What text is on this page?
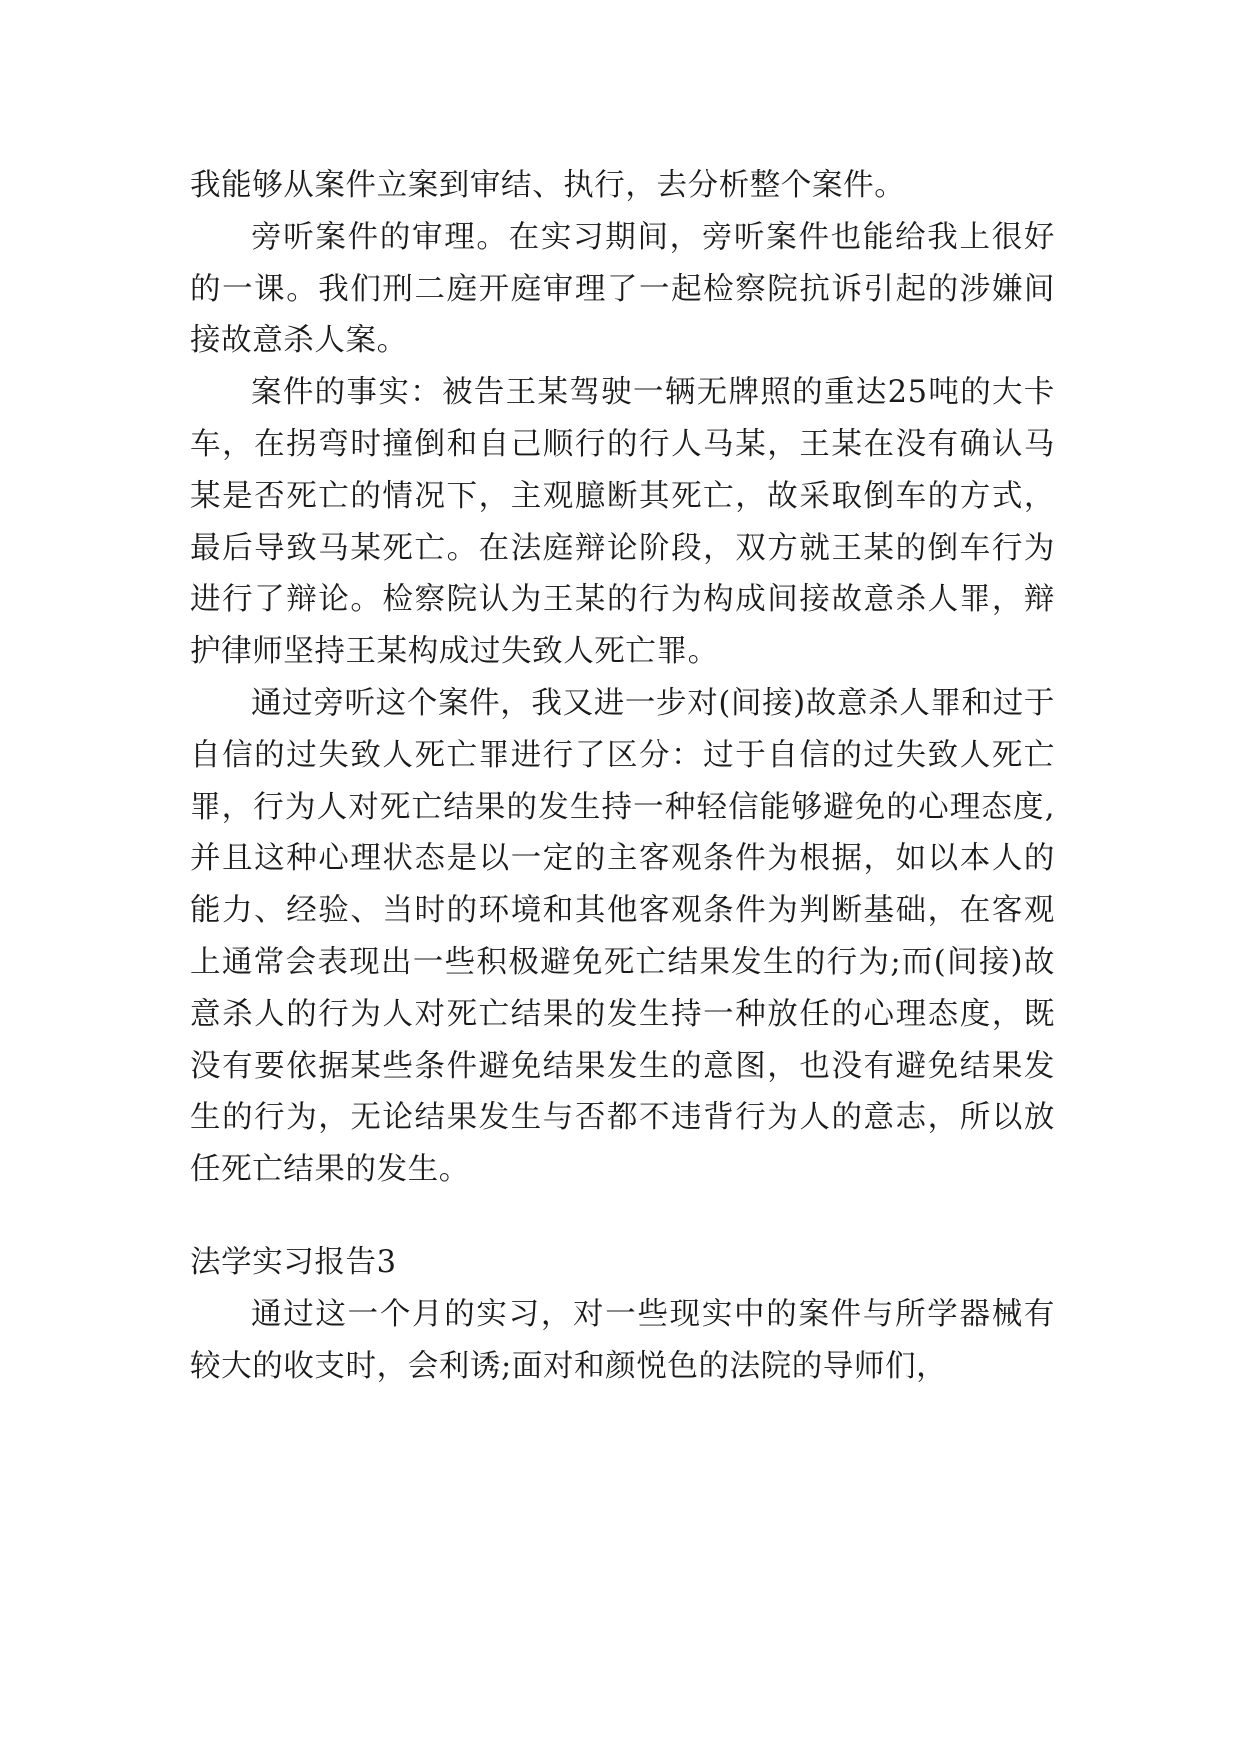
我能够从案件立案到审结、执行，去分析整个案件。

旁听案件的审理。在实习期间，旁听案件也能给我上很好的一课。我们刑二庭开庭审理了一起检察院抗诉引起的涉嫌间接故意杀人案。

案件的事实：被告王某驾驶一辆无牌照的重达25吨的大卡车，在拐弯时撞倒和自己顺行的行人马某，王某在没有确认马某是否死亡的情况下，主观臆断其死亡，故采取倒车的方式，最后导致马某死亡。在法庭辩论阶段，双方就王某的倒车行为进行了辩论。检察院认为王某的行为构成间接故意杀人罪，辩护律师坚持王某构成过失致人死亡罪。

通过旁听这个案件，我又进一步对(间接)故意杀人罪和过于自信的过失致人死亡罪进行了区分：过于自信的过失致人死亡罪，行为人对死亡结果的发生持一种轻信能够避免的心理态度,并且这种心理状态是以一定的主客观条件为根据，如以本人的能力、经验、当时的环境和其他客观条件为判断基础，在客观上通常会表现出一些积极避免死亡结果发生的行为;而(间接)故意杀人的行为人对死亡结果的发生持一种放任的心理态度，既没有要依据某些条件避免结果发生的意图，也没有避免结果发生的行为，无论结果发生与否都不违背行为人的意志，所以放任死亡结果的发生。

法学实习报告3

通过这一个月的实习，对一些现实中的案件与所学器械有较大的收支时，会利诱;面对和颜悦色的法院的导师们，
